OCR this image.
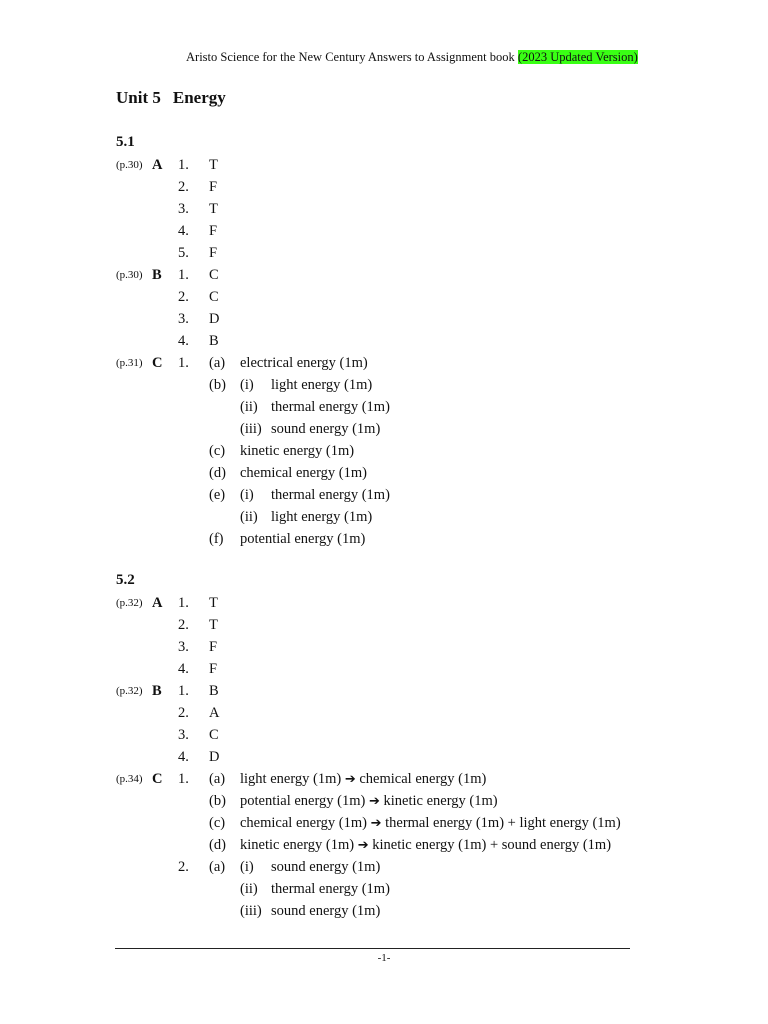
Aristo Science for the New Century Answers to Assignment book (2023 Updated Version)
Unit 5 Energy
5.1
(p.30) A 1. T
2. F
3. T
4. F
5. F
(p.30) B 1. C
2. C
3. D
4. B
(p.31) C 1. (a) electrical energy (1m)
(b) (i) light energy (1m)
(ii) thermal energy (1m)
(iii) sound energy (1m)
(c) kinetic energy (1m)
(d) chemical energy (1m)
(e) (i) thermal energy (1m)
(ii) light energy (1m)
(f) potential energy (1m)
5.2
(p.32) A 1. T
2. T
3. F
4. F
(p.32) B 1. B
2. A
3. C
4. D
(p.34) C 1. (a) light energy (1m) ➔ chemical energy (1m)
(b) potential energy (1m) ➔ kinetic energy (1m)
(c) chemical energy (1m) ➔ thermal energy (1m) + light energy (1m)
(d) kinetic energy (1m) ➔ kinetic energy (1m) + sound energy (1m)
2. (a) (i) sound energy (1m)
(ii) thermal energy (1m)
(iii) sound energy (1m)
-1-
